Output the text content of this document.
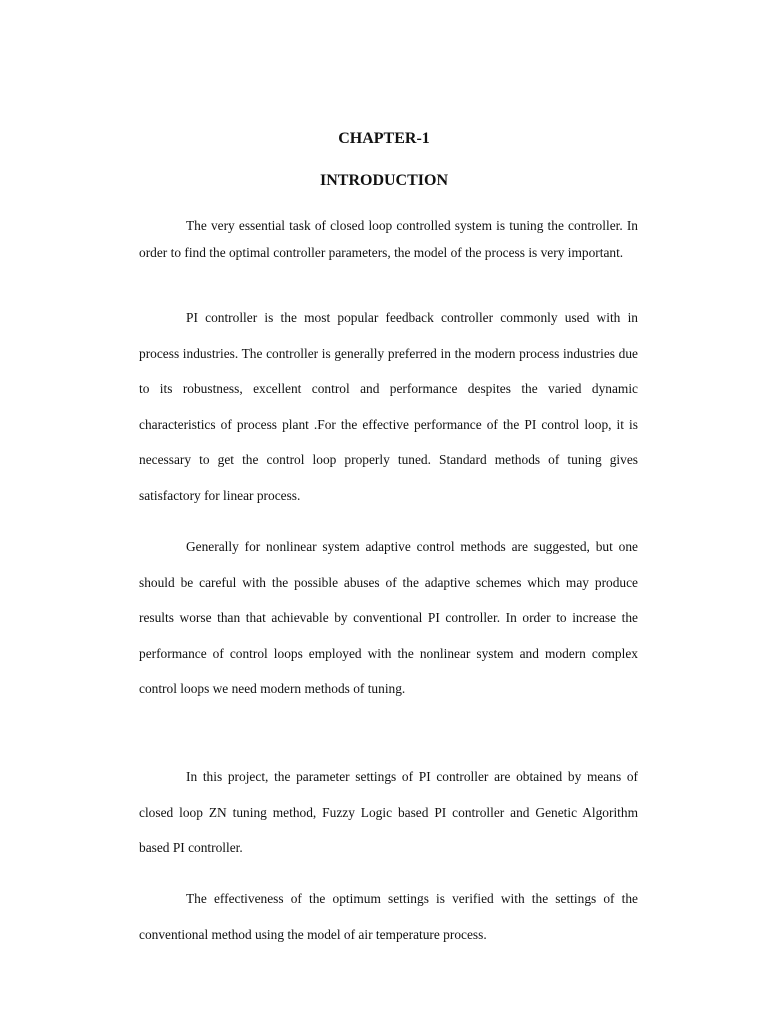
CHAPTER-1
INTRODUCTION

The very essential task of closed loop controlled system is tuning the controller. In order to find the optimal controller parameters, the model of the process is very important.

PI controller is the most popular feedback controller commonly used with in process industries. The controller is generally preferred in the modern process industries due to its robustness, excellent control and performance despites the varied dynamic characteristics of process plant .For the effective performance of the PI control loop, it is necessary to get the control loop properly tuned. Standard methods of tuning gives satisfactory for linear process.

Generally for nonlinear system adaptive control methods are suggested, but one should be careful with the possible abuses of the adaptive schemes which may produce results worse than that achievable by conventional PI controller. In order to increase the performance of control loops employed with the nonlinear system and modern complex control loops we need modern methods of tuning.

In this project, the parameter settings of PI controller are obtained by means of closed loop ZN tuning method, Fuzzy Logic based PI controller and Genetic Algorithm based PI controller.

The effectiveness of the optimum settings is verified with the settings of the conventional method using the model of air temperature process.
